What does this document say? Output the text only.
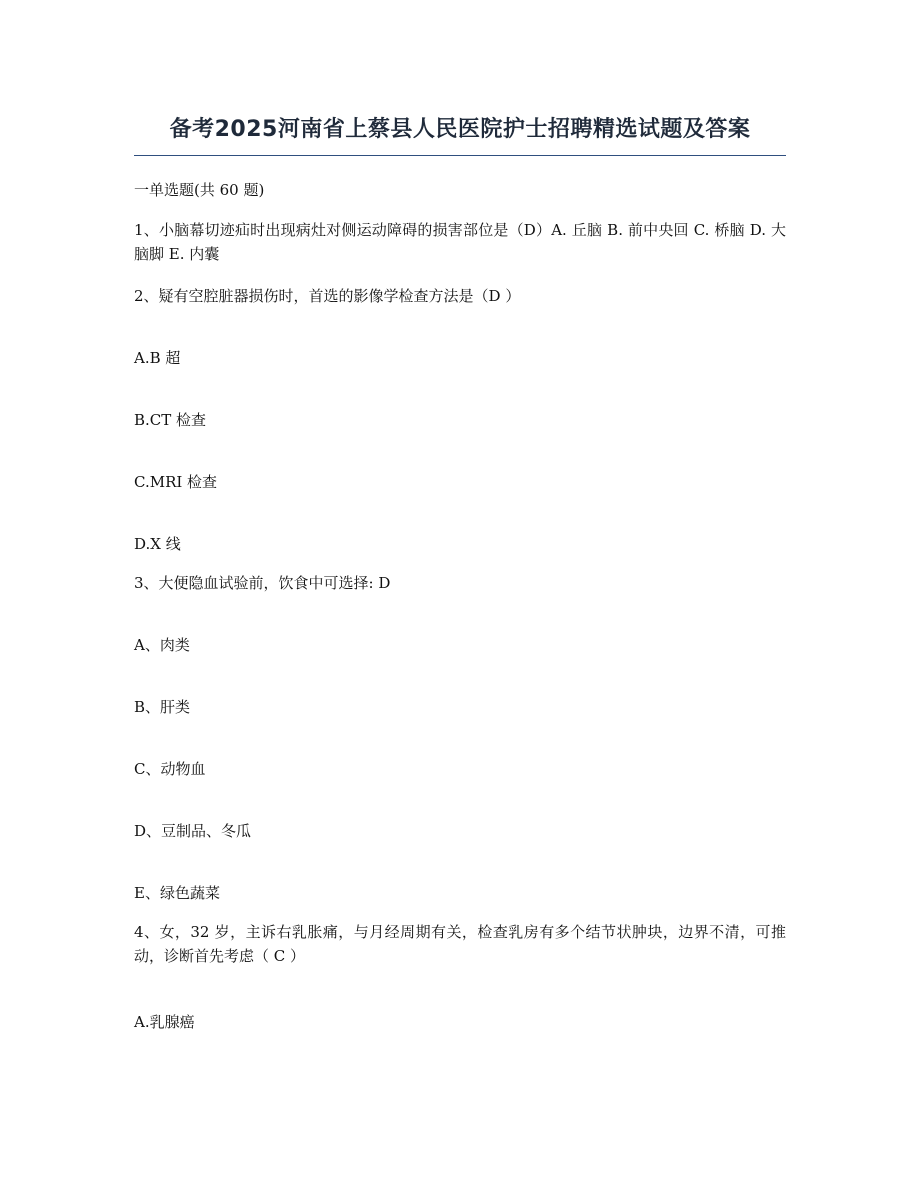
备考2025河南省上蔡县人民医院护士招聘精选试题及答案
一单选题(共 60 题)
1、小脑幕切迹疝时出现病灶对侧运动障碍的损害部位是（D）A. 丘脑 B. 前中央回 C. 桥脑 D. 大脑脚 E. 内囊
2、疑有空腔脏器损伤时，首选的影像学检查方法是（D ）
A.B 超
B.CT 检查
C.MRI 检查
D.X 线
3、大便隐血试验前，饮食中可选择: D
A、肉类
B、肝类
C、动物血
D、豆制品、冬瓜
E、绿色蔬菜
4、女，32 岁，主诉右乳胀痛，与月经周期有关，检查乳房有多个结节状肿块，边界不清，可推动，诊断首先考虑（ C ）
A.乳腺癌
